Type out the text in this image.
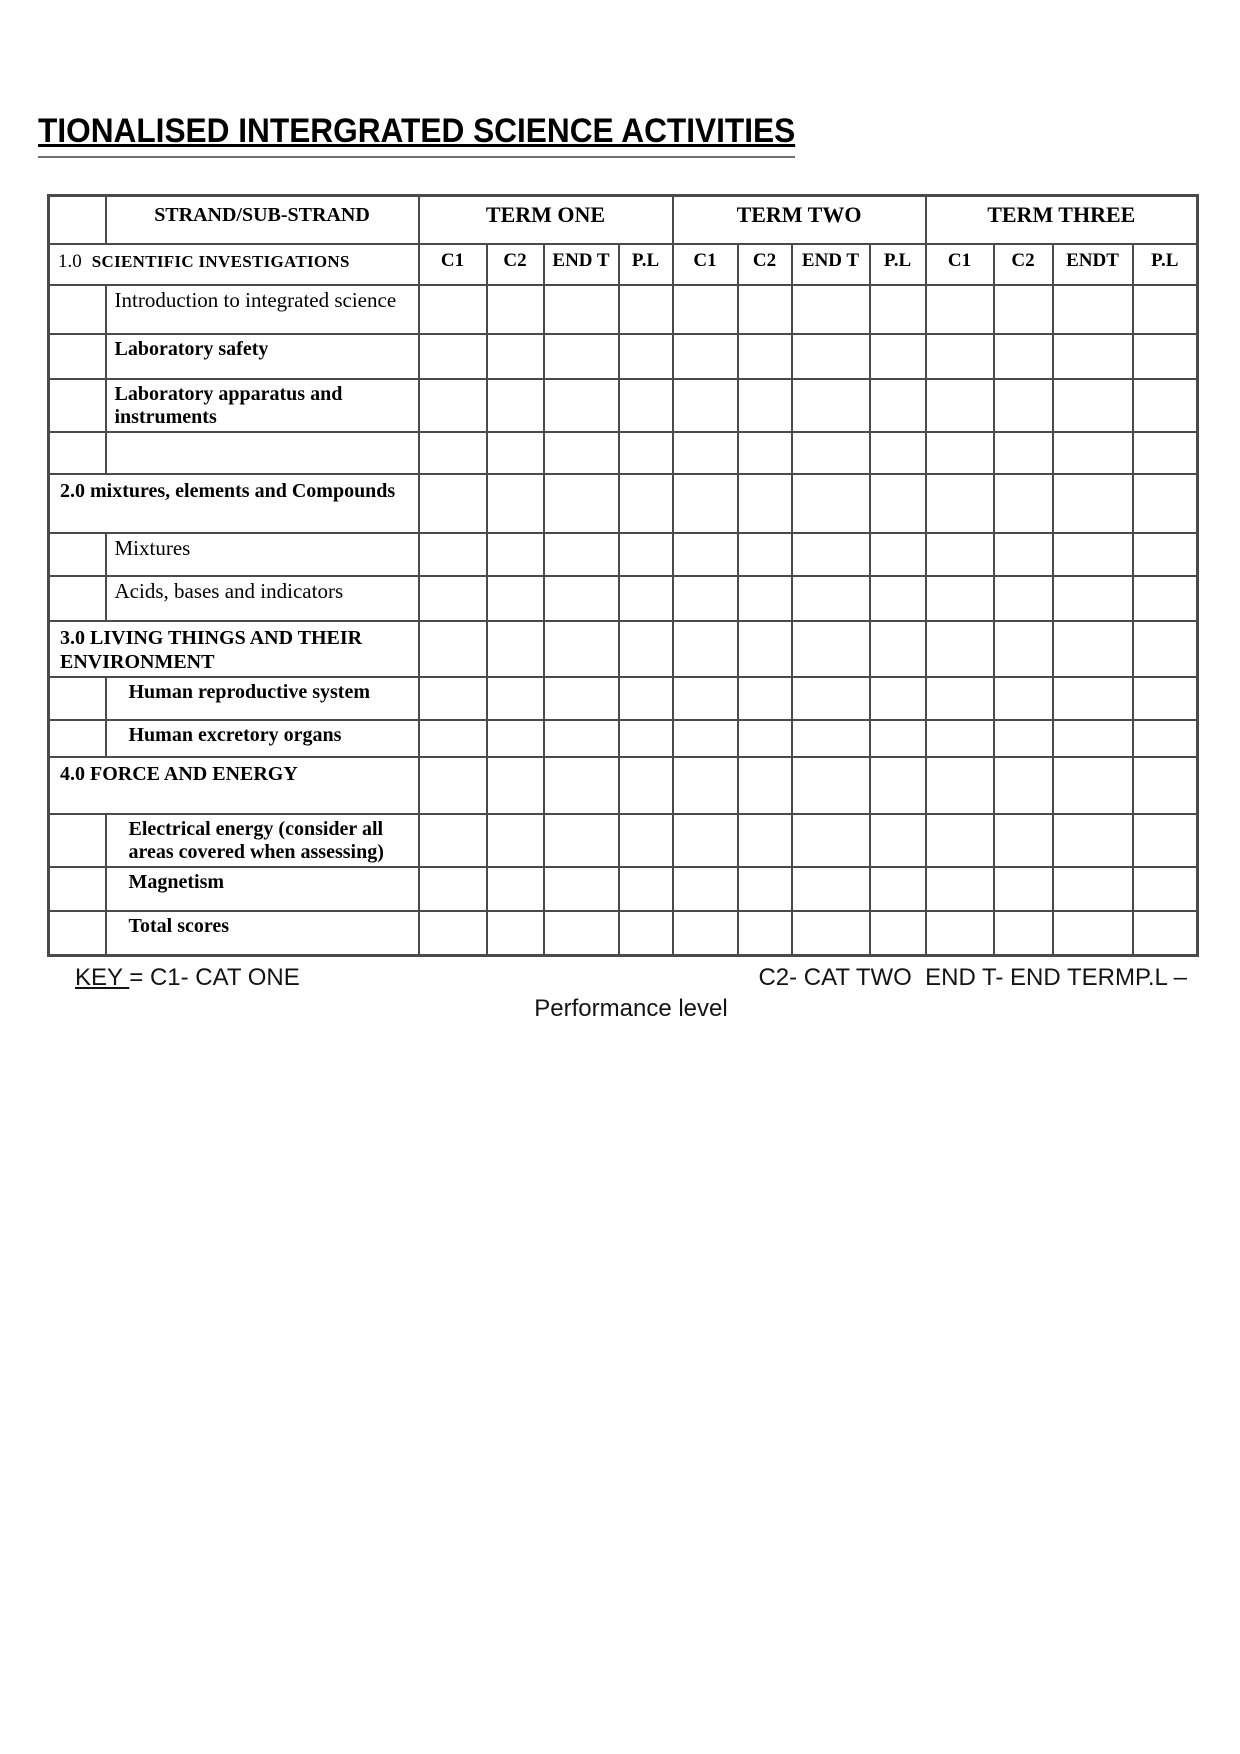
TIONALISED INTERGRATED SCIENCE ACTIVITIES
	STRAND/SUB-STRAND	TERM ONE				TERM TWO				TERM THREE			
1.0 SCIENTIFIC INVESTIGATIONS		C1	C2	END T	P.L	C1	C2	END T	P.L	C1	C2	ENDT	P.L
	Introduction to integrated science												
	Laboratory safety												
	Laboratory apparatus and instruments												

2.0 mixtures, elements and Compounds													
	Mixtures												
	Acids, bases and indicators												
3.0 LIVING THINGS AND THEIR ENVIRONMENT													
	Human reproductive system												
	Human excretory organs												
4.0 FORCE AND ENERGY													
	Electrical energy (consider all areas covered when assessing)												
	Magnetism												
	Total scores												
KEY = C1- CAT ONE	C2- CAT TWO  END T- END TERMP.L –
Performance level
